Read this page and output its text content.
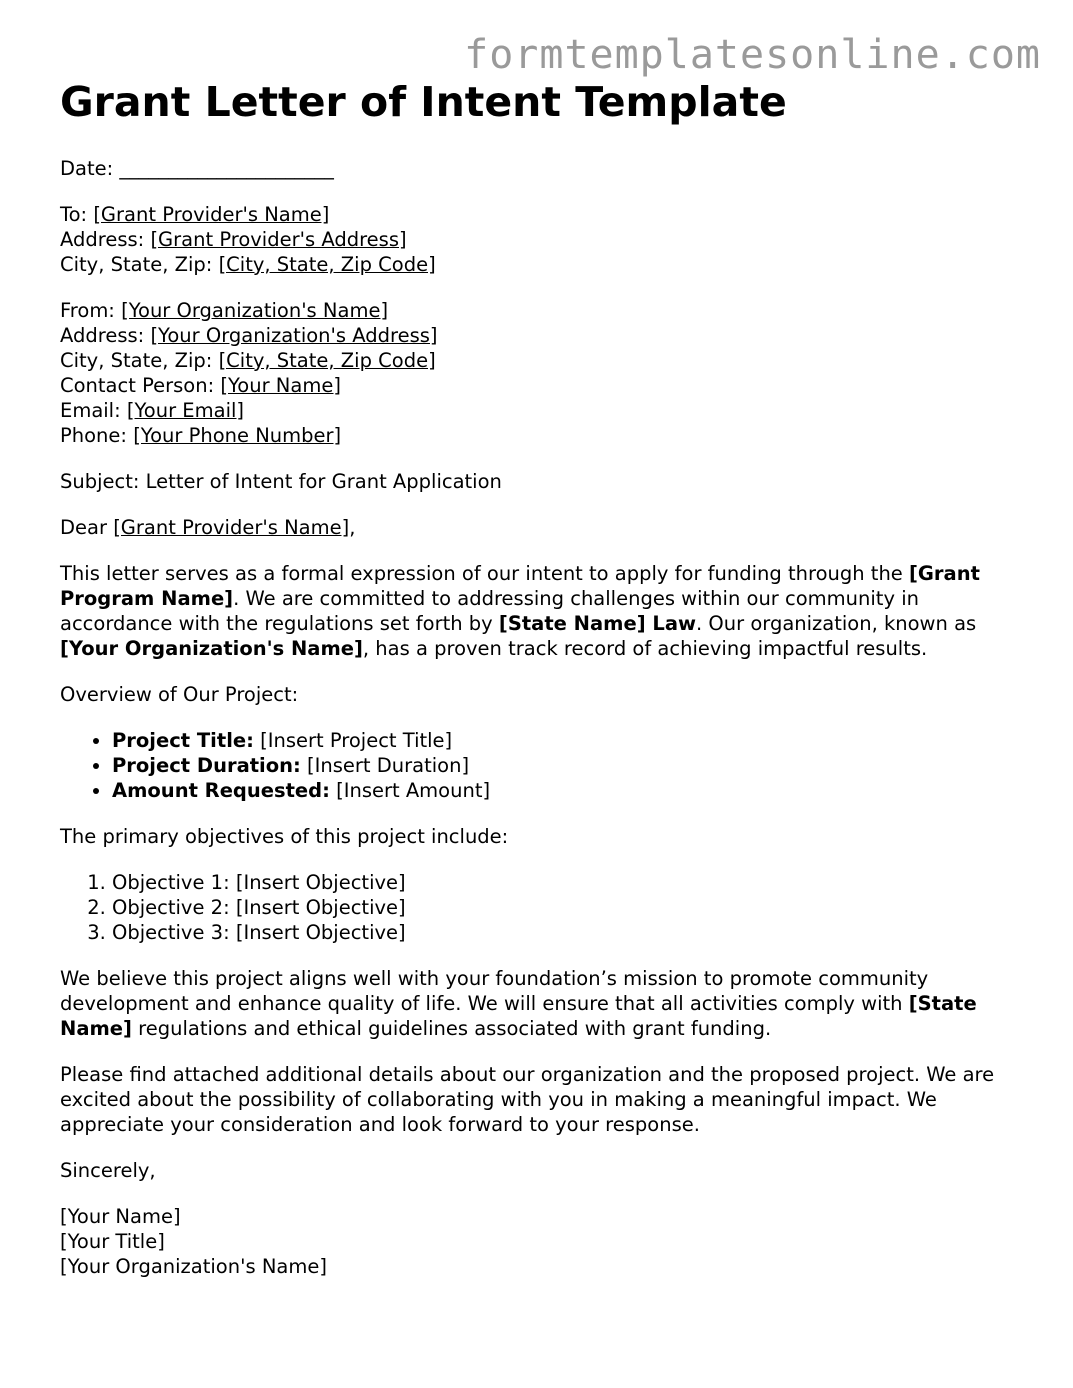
formtemplatesonline.com
Grant Letter of Intent Template

Date: ______________________

To: [Grant Provider's Name]
Address: [Grant Provider's Address]
City, State, Zip: [City, State, Zip Code]

From: [Your Organization's Name]
Address: [Your Organization's Address]
City, State, Zip: [City, State, Zip Code]
Contact Person: [Your Name]
Email: [Your Email]
Phone: [Your Phone Number]

Subject: Letter of Intent for Grant Application

Dear [Grant Provider's Name],

This letter serves as a formal expression of our intent to apply for funding through the [Grant Program Name]. We are committed to addressing challenges within our community in accordance with the regulations set forth by [State Name] Law. Our organization, known as [Your Organization's Name], has a proven track record of achieving impactful results.

Overview of Our Project:

• Project Title: [Insert Project Title]
• Project Duration: [Insert Duration]
• Amount Requested: [Insert Amount]

The primary objectives of this project include:

1. Objective 1: [Insert Objective]
2. Objective 2: [Insert Objective]
3. Objective 3: [Insert Objective]

We believe this project aligns well with your foundation’s mission to promote community development and enhance quality of life. We will ensure that all activities comply with [State Name] regulations and ethical guidelines associated with grant funding.

Please find attached additional details about our organization and the proposed project. We are excited about the possibility of collaborating with you in making a meaningful impact. We appreciate your consideration and look forward to your response.

Sincerely,

[Your Name]

[Your Title]

[Your Organization's Name]
